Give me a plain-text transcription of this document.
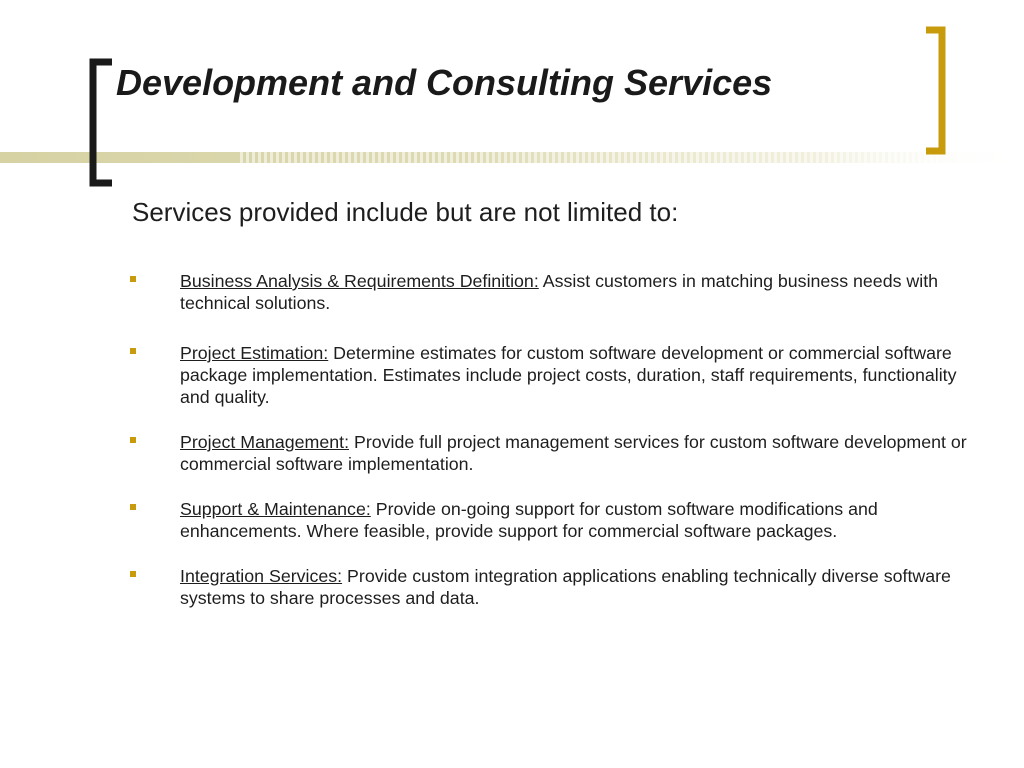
Development and Consulting Services

Services provided include but are not limited to:

Business Analysis & Requirements Definition: Assist customers in matching business needs with technical solutions.

Project Estimation: Determine estimates for custom software development or commercial software package implementation. Estimates include project costs, duration, staff requirements, functionality and quality.

Project Management: Provide full project management services for custom software development or commercial software implementation.

Support & Maintenance: Provide on-going support for custom software modifications and enhancements. Where feasible, provide support for commercial software packages.

Integration Services: Provide custom integration applications enabling technically diverse software systems to share processes and data.
